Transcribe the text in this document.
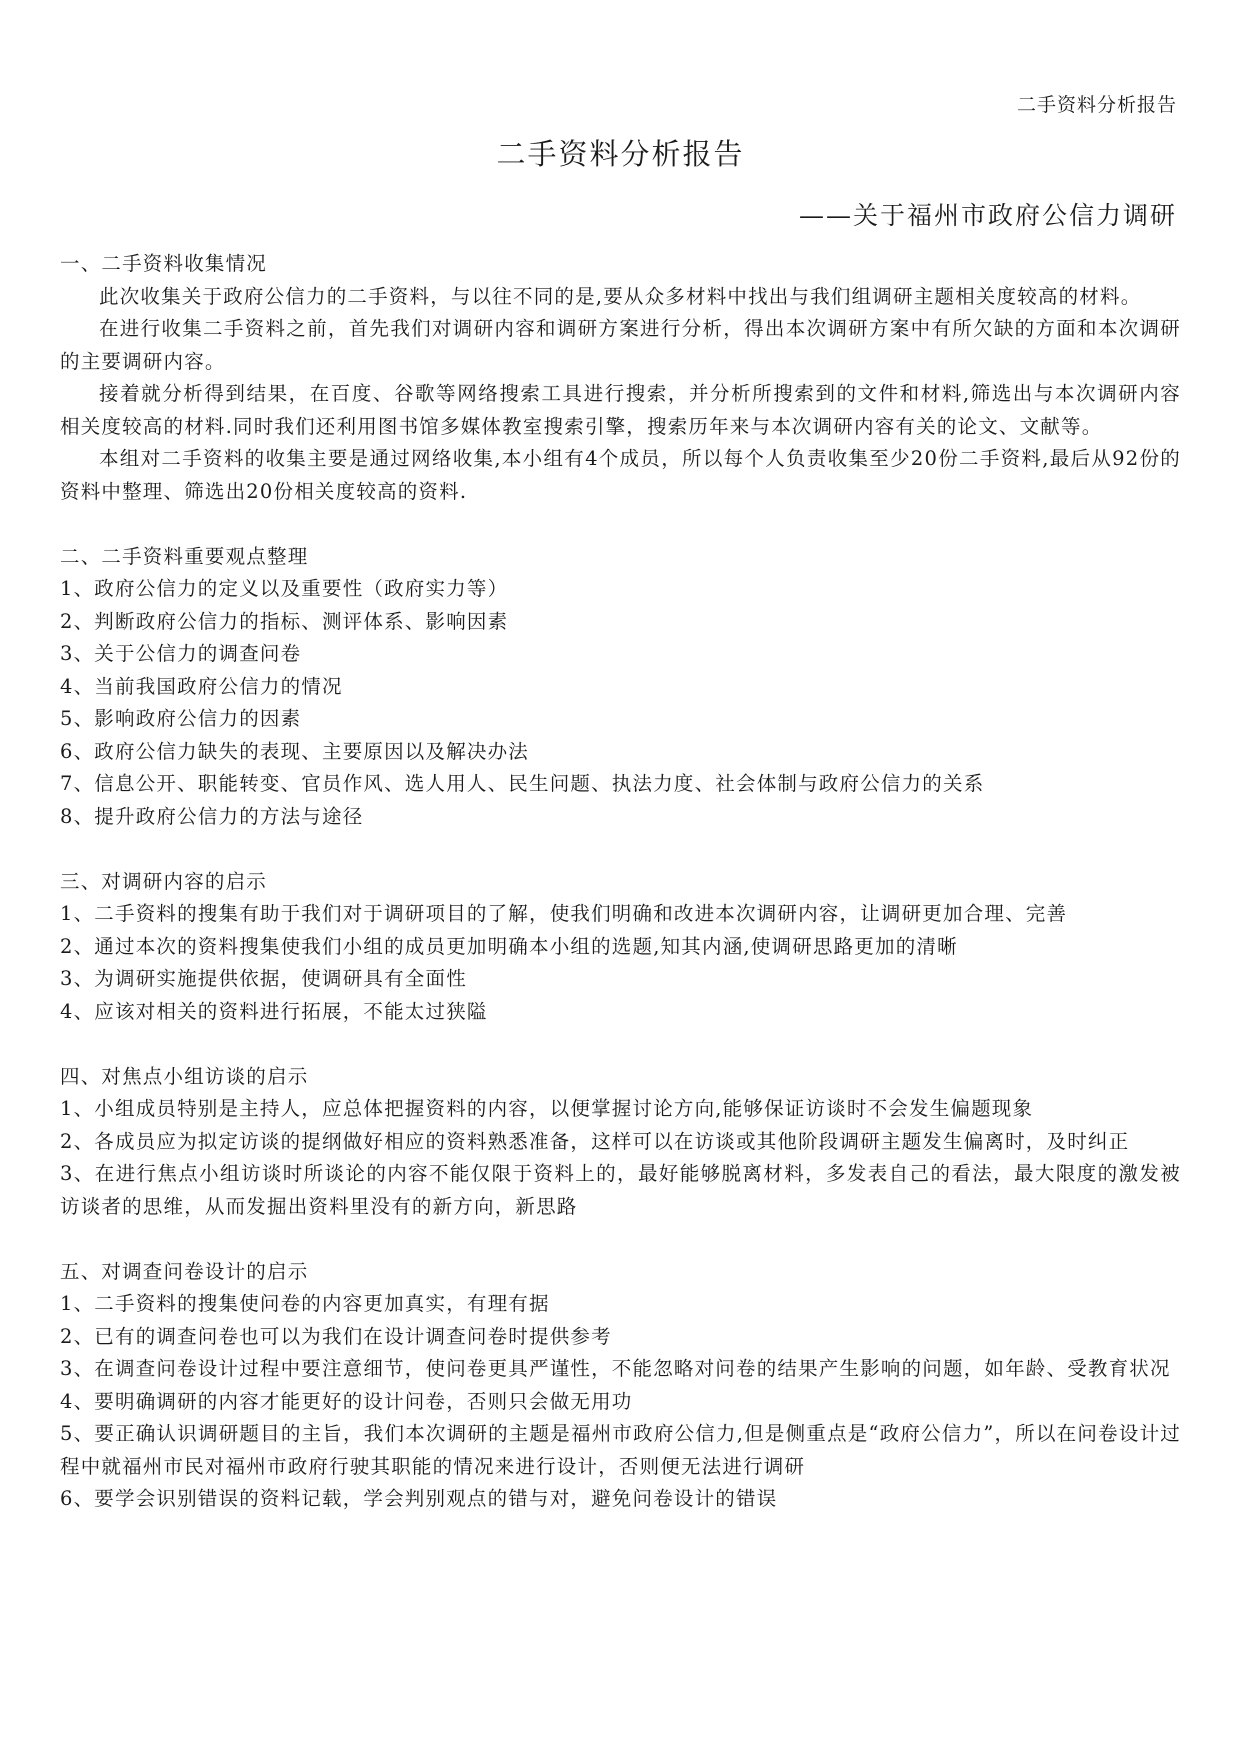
二手资料分析报告
二手资料分析报告
——关于福州市政府公信力调研

一、二手资料收集情况

此次收集关于政府公信力的二手资料，与以往不同的是,要从众多材料中找出与我们组调研主题相关度较高的材料。

在进行收集二手资料之前，首先我们对调研内容和调研方案进行分析，得出本次调研方案中有所欠缺的方面和本次调研的主要调研内容。

接着就分析得到结果，在百度、谷歌等网络搜索工具进行搜索，并分析所搜索到的文件和材料,筛选出与本次调研内容相关度较高的材料.同时我们还利用图书馆多媒体教室搜索引擎，搜索历年来与本次调研内容有关的论文、文献等。

本组对二手资料的收集主要是通过网络收集,本小组有4个成员，所以每个人负责收集至少20份二手资料,最后从92份的资料中整理、筛选出20份相关度较高的资料.

二、二手资料重要观点整理

1、政府公信力的定义以及重要性（政府实力等）
2、判断政府公信力的指标、测评体系、影响因素
3、关于公信力的调查问卷
4、当前我国政府公信力的情况
5、影响政府公信力的因素
6、政府公信力缺失的表现、主要原因以及解决办法
7、信息公开、职能转变、官员作风、选人用人、民生问题、执法力度、社会体制与政府公信力的关系
8、提升政府公信力的方法与途径

三、对调研内容的启示

1、二手资料的搜集有助于我们对于调研项目的了解，使我们明确和改进本次调研内容，让调研更加合理、完善
2、通过本次的资料搜集使我们小组的成员更加明确本小组的选题,知其内涵,使调研思路更加的清晰
3、为调研实施提供依据，使调研具有全面性
4、应该对相关的资料进行拓展，不能太过狭隘

四、对焦点小组访谈的启示

1、小组成员特别是主持人，应总体把握资料的内容，以便掌握讨论方向,能够保证访谈时不会发生偏题现象
2、各成员应为拟定访谈的提纲做好相应的资料熟悉准备，这样可以在访谈或其他阶段调研主题发生偏离时，及时纠正
3、在进行焦点小组访谈时所谈论的内容不能仅限于资料上的，最好能够脱离材料，多发表自己的看法，最大限度的激发被访谈者的思维，从而发掘出资料里没有的新方向，新思路

五、对调查问卷设计的启示

1、二手资料的搜集使问卷的内容更加真实，有理有据
2、已有的调查问卷也可以为我们在设计调查问卷时提供参考
3、在调查问卷设计过程中要注意细节，使问卷更具严谨性，不能忽略对问卷的结果产生影响的问题，如年龄、受教育状况
4、要明确调研的内容才能更好的设计问卷，否则只会做无用功
5、要正确认识调研题目的主旨，我们本次调研的主题是福州市政府公信力,但是侧重点是“政府公信力”，所以在问卷设计过程中就福州市民对福州市政府行驶其职能的情况来进行设计，否则便无法进行调研
6、要学会识别错误的资料记载，学会判别观点的错与对，避免问卷设计的错误
